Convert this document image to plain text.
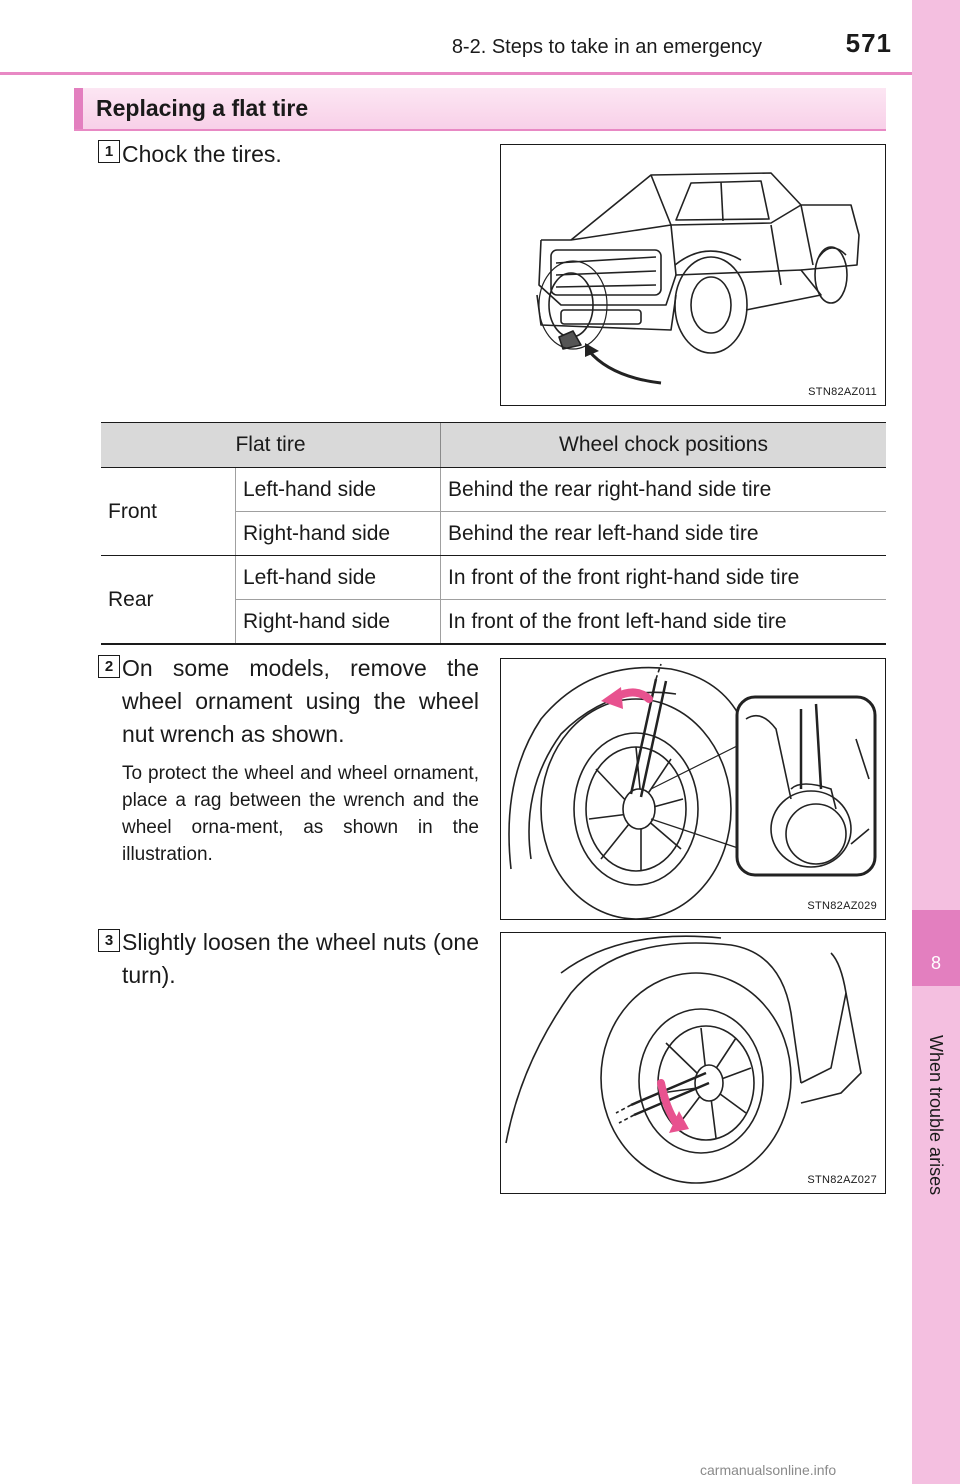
8-2. Steps to take in an emergency	571
8
When trouble arises
Replacing a flat tire
1 Chock the tires.
STN82AZ011
Flat tire		Wheel chock positions
Front	Left-hand side	Behind the rear right-hand side tire
	Right-hand side	Behind the rear left-hand side tire
Rear	Left-hand side	In front of the front right-hand side tire
	Right-hand side	In front of the front left-hand side tire
2 On some models, remove the wheel ornament using the wheel nut wrench as shown.
To protect the wheel and wheel ornament, place a rag between the wrench and the wheel orna-ment, as shown in the illustration.
STN82AZ029
3 Slightly loosen the wheel nuts (one turn).
STN82AZ027
carmanualsonline.info
